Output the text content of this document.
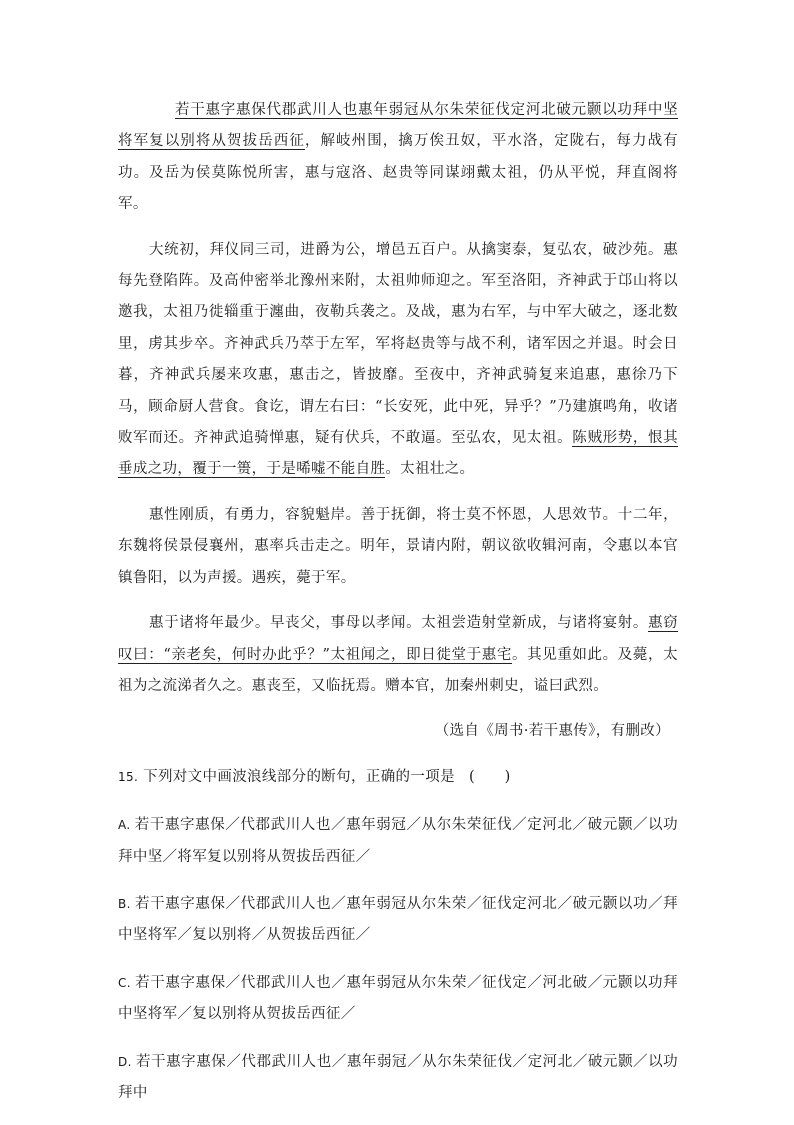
若干惠字惠保代郡武川人也惠年弱冠从尔朱荣征伐定河北破元颢以功拜中坚将军复以别将从贺拔岳西征，解岐州围，擒万俟丑奴，平水洛，定陇右，每力战有功。及岳为侯莫陈悦所害，惠与寇洛、赵贵等同谋翊戴太祖，仍从平悦，拜直阁将军。

大统初，拜仪同三司，进爵为公，增邑五百户。从擒窦泰，复弘农，破沙苑。惠每先登陷阵。及高仲密举北豫州来附，太祖帅师迎之。军至洛阳，齐神武于邙山将以邀我，太祖乃徙辎重于瀍曲，夜勒兵袭之。及战，惠为右军，与中军大破之，逐北数里，虏其步卒。齐神武兵乃萃于左军，军将赵贵等与战不利，诸军因之并退。时会日暮，齐神武兵屡来攻惠，惠击之，皆披靡。至夜中，齐神武骑复来追惠，惠徐乃下马，顾命厨人营食。食讫，谓左右曰：“长安死，此中死，异乎？”乃建旗鸣角，收诸败军而还。齐神武追骑惮惠，疑有伏兵，不敢逼。至弘农，见太祖。陈贼形势，恨其垂成之功，覆于一篑，于是唏嘘不能自胜。太祖壮之。

惠性刚质，有勇力，容貌魁岸。善于抚御，将士莫不怀恩，人思效节。十二年，东魏将侯景侵襄州，惠率兵击走之。明年，景请内附，朝议欲收辑河南，令惠以本官镇鲁阳，以为声援。遇疾，薨于军。

惠于诸将年最少。早丧父，事母以孝闻。太祖尝造射堂新成，与诸将宴射。惠窃叹曰：“亲老矣，何时办此乎？”太祖闻之，即日徙堂于惠宅。其见重如此。及薨，太祖为之流涕者久之。惠丧至，又临抚焉。赠本官，加秦州刺史，谥曰武烈。

（选自《周书·若干惠传》，有删改）

15. 下列对文中画波浪线部分的断句，正确的一项是 (　　)

A. 若干惠字惠保／代郡武川人也／惠年弱冠／从尔朱荣征伐／定河北／破元颢／以功拜中坚／将军复以别将从贺拔岳西征／

B. 若干惠字惠保／代郡武川人也／惠年弱冠从尔朱荣／征伐定河北／破元颢以功／拜中坚将军／复以别将／从贺拔岳西征／

C. 若干惠字惠保／代郡武川人也／惠年弱冠从尔朱荣／征伐定／河北破／元颢以功拜中坚将军／复以别将从贺拔岳西征／

D. 若干惠字惠保／代郡武川人也／惠年弱冠／从尔朱荣征伐／定河北／破元颢／以功拜中
